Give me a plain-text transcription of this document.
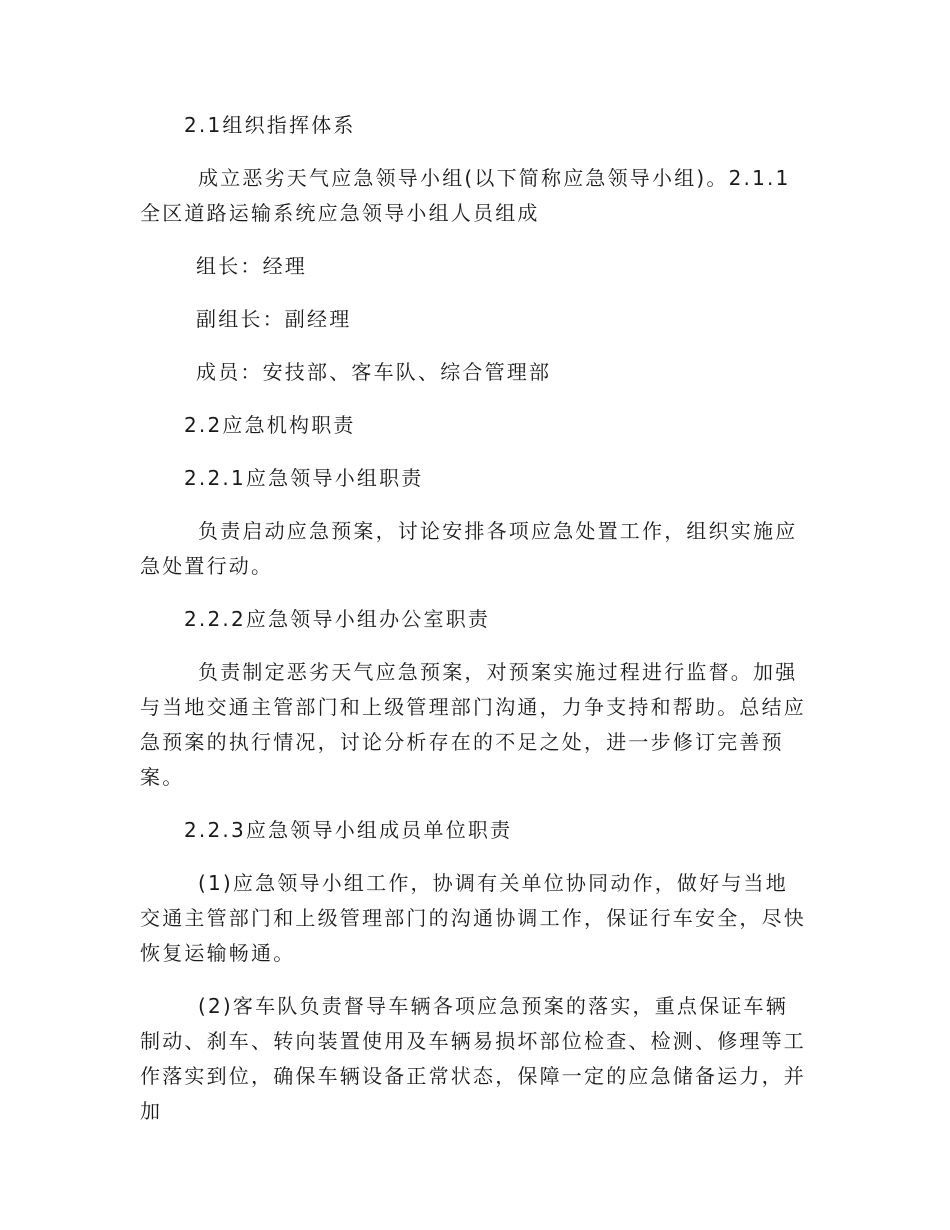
2.1组织指挥体系

成立恶劣天气应急领导小组(以下简称应急领导小组)。2.1.1全区道路运输系统应急领导小组人员组成

组长：经理

副组长：副经理

成员：安技部、客车队、综合管理部

2.2应急机构职责

2.2.1应急领导小组职责

负责启动应急预案，讨论安排各项应急处置工作，组织实施应急处置行动。

2.2.2应急领导小组办公室职责

负责制定恶劣天气应急预案，对预案实施过程进行监督。加强与当地交通主管部门和上级管理部门沟通，力争支持和帮助。总结应急预案的执行情况，讨论分析存在的不足之处，进一步修订完善预案。

2.2.3应急领导小组成员单位职责

(1)应急领导小组工作，协调有关单位协同动作，做好与当地交通主管部门和上级管理部门的沟通协调工作，保证行车安全，尽快恢复运输畅通。

(2)客车队负责督导车辆各项应急预案的落实，重点保证车辆制动、刹车、转向装置使用及车辆易损坏部位检查、检测、修理等工作落实到位，确保车辆设备正常状态，保障一定的应急储备运力，并加
